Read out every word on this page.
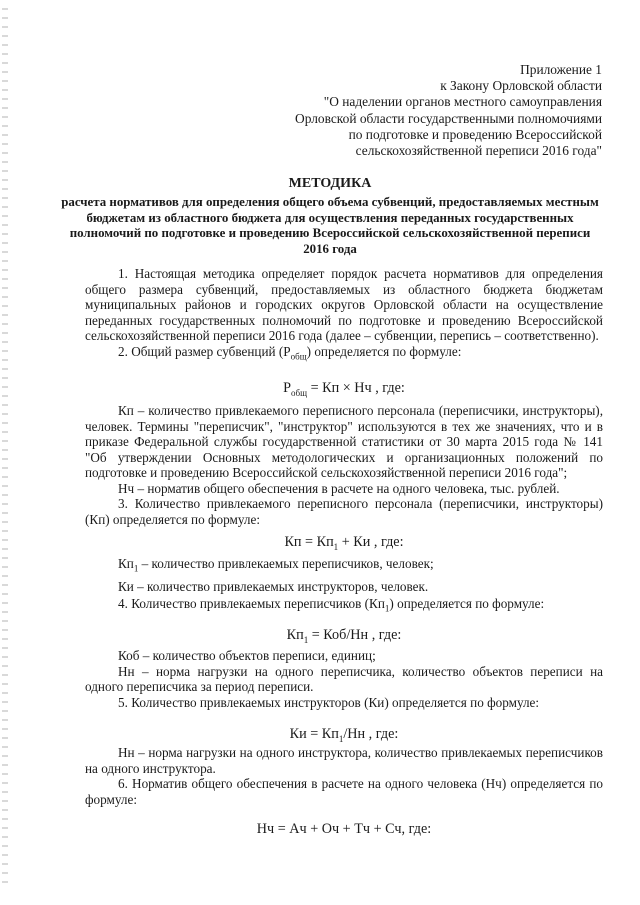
Приложение 1
к Закону Орловской области
"О наделении органов местного самоуправления
Орловской области государственными полномочиями
по подготовке и проведению Всероссийской
сельскохозяйственной переписи 2016 года"
МЕТОДИКА
расчета нормативов для определения общего объема субвенций, предоставляемых местным бюджетам из областного бюджета для осуществления переданных государственных полномочий по подготовке и проведению Всероссийской сельскохозяйственной переписи 2016 года

1. Настоящая методика определяет порядок расчета нормативов для определения общего размера субвенций, предоставляемых из областного бюджета бюджетам муниципальных районов и городских округов Орловской области на осуществление переданных государственных полномочий по подготовке и проведению Всероссийской сельскохозяйственной переписи 2016 года (далее – субвенции, перепись – соответственно).

2. Общий размер субвенций $(Р_{общ})$ определяется по формуле:

$Р_{общ}$ = Кп × Нч , где:

Кп – количество привлекаемого переписного персонала (переписчики, инструкторы), человек. Термины "переписчик", "инструктор" используются в тех же значениях, что и в приказе Федеральной службы государственной статистики от 30 марта 2015 года № 141 "Об утверждении Основных методологических и организационных положений по подготовке и проведению Всероссийской сельскохозяйственной переписи 2016 года";

Нч – норматив общего обеспечения в расчете на одного человека, тыс. рублей.

3. Количество привлекаемого переписного персонала (переписчики, инструкторы) (Кп) определяется по формуле:

Кп = $Кп_1$ + Ки , где:

$Кп_1$ – количество привлекаемых переписчиков, человек;

Ки – количество привлекаемых инструкторов, человек.

4. Количество привлекаемых переписчиков $(Кп_1)$ определяется по формуле:

$Кп_1 = Коб/Нн$ , где:

Коб – количество объектов переписи, единиц;

Нн – норма нагрузки на одного переписчика, количество объектов переписи на одного переписчика за период переписи.

5. Количество привлекаемых инструкторов (Ки) определяется по формуле:

Ки = $Кп_1/Нн$ , где:

Нн – норма нагрузки на одного инструктора, количество привлекаемых переписчиков на одного инструктора.

6. Норматив общего обеспечения в расчете на одного человека (Нч) определяется по формуле:

Нч = Ач + Оч + Тч + Сч, где:
